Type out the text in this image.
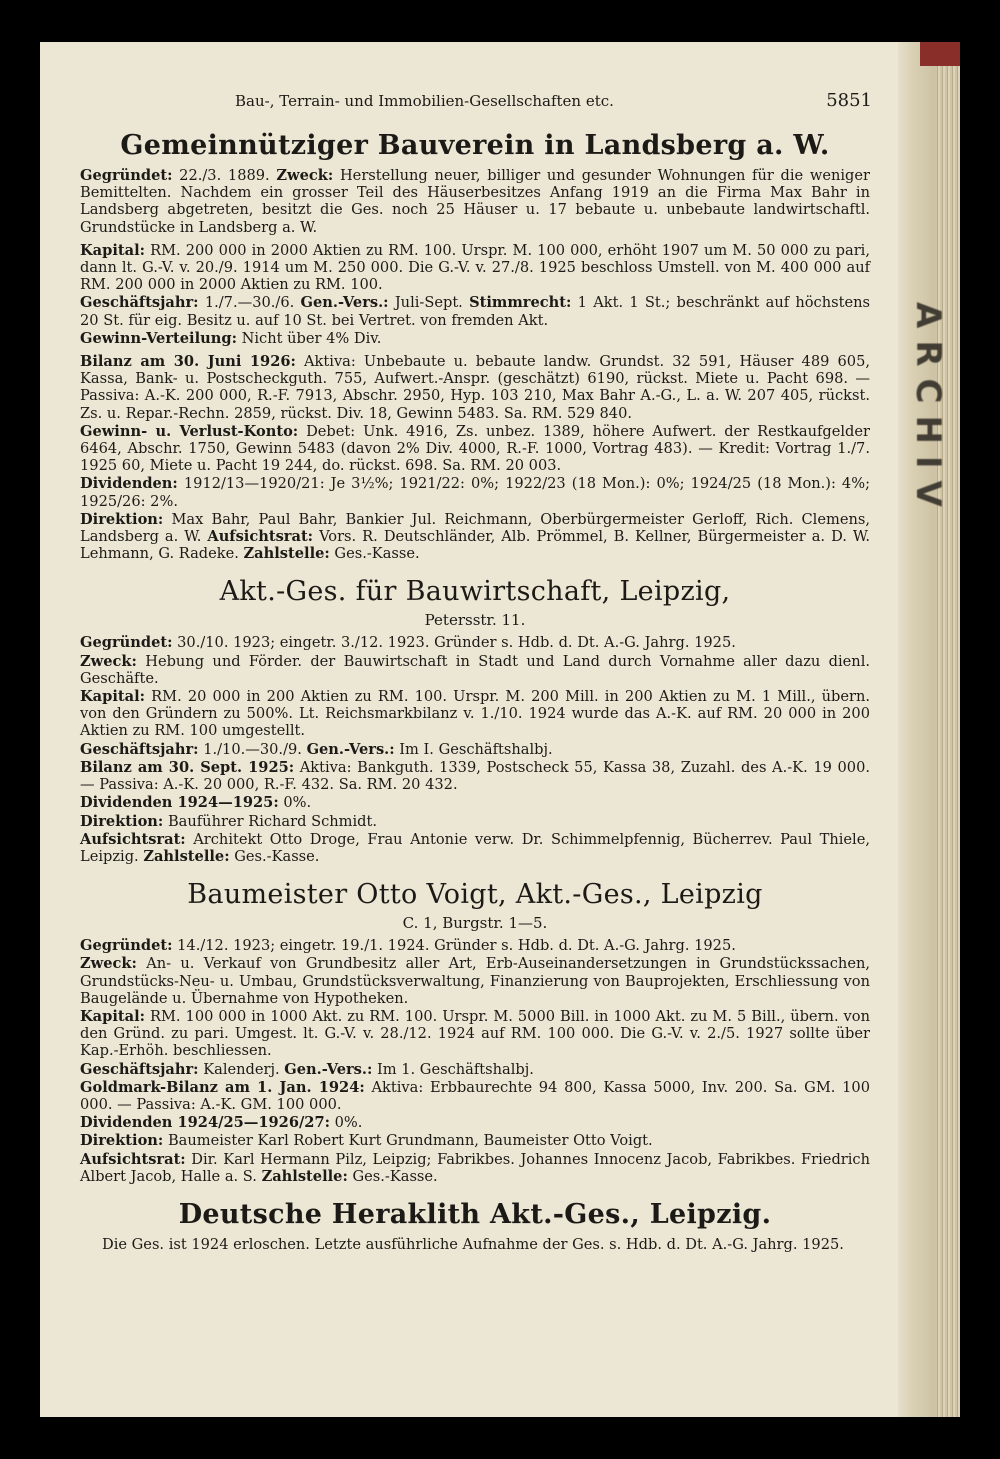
ARCHIV
Bau-, Terrain- und Immobilien-Gesellschaften etc.	5851
Gemeinnütziger Bauverein in Landsberg a. W.

Gegründet: 22./3. 1889. Zweck: Herstellung neuer, billiger und gesunder Wohnungen für die weniger Bemittelten. Nachdem ein grosser Teil des Häuserbesitzes Anfang 1919 an die Firma Max Bahr in Landsberg abgetreten, besitzt die Ges. noch 25 Häuser u. 17 bebaute u. unbebaute landwirtschaftl. Grundstücke in Landsberg a. W.

Kapital: RM. 200 000 in 2000 Aktien zu RM. 100. Urspr. M. 100 000, erhöht 1907 um M. 50 000 zu pari, dann lt. G.-V. v. 20./9. 1914 um M. 250 000. Die G.-V. v. 27./8. 1925 beschloss Umstell. von M. 400 000 auf RM. 200 000 in 2000 Aktien zu RM. 100.

Geschäftsjahr: 1./7.—30./6. Gen.-Vers.: Juli-Sept. Stimmrecht: 1 Akt. 1 St.; beschränkt auf höchstens 20 St. für eig. Besitz u. auf 10 St. bei Vertret. von fremden Akt.

Gewinn-Verteilung: Nicht über 4% Div.

Bilanz am 30. Juni 1926: Aktiva: Unbebaute u. bebaute landw. Grundst. 32 591, Häuser 489 605, Kassa, Bank- u. Postscheckguth. 755, Aufwert.-Anspr. (geschätzt) 6190, rückst. Miete u. Pacht 698. — Passiva: A.-K. 200 000, R.-F. 7913, Abschr. 2950, Hyp. 103 210, Max Bahr A.-G., L. a. W. 207 405, rückst. Zs. u. Repar.-Rechn. 2859, rückst. Div. 18, Gewinn 5483. Sa. RM. 529 840.

Gewinn- u. Verlust-Konto: Debet: Unk. 4916, Zs. unbez. 1389, höhere Aufwert. der Restkaufgelder 6464, Abschr. 1750, Gewinn 5483 (davon 2% Div. 4000, R.-F. 1000, Vortrag 483). — Kredit: Vortrag 1./7. 1925 60, Miete u. Pacht 19 244, do. rückst. 698. Sa. RM. 20 003.

Dividenden: 1912/13—1920/21: Je 3½%; 1921/22: 0%; 1922/23 (18 Mon.): 0%; 1924/25 (18 Mon.): 4%; 1925/26: 2%.

Direktion: Max Bahr, Paul Bahr, Bankier Jul. Reichmann, Oberbürgermeister Gerloff, Rich. Clemens, Landsberg a. W. Aufsichtsrat: Vors. R. Deutschländer, Alb. Prömmel, B. Kellner, Bürgermeister a. D. W. Lehmann, G. Radeke. Zahlstelle: Ges.-Kasse.

Akt.-Ges. für Bauwirtschaft, Leipzig,
Petersstr. 11.

Gegründet: 30./10. 1923; eingetr. 3./12. 1923. Gründer s. Hdb. d. Dt. A.-G. Jahrg. 1925.

Zweck: Hebung und Förder. der Bauwirtschaft in Stadt und Land durch Vornahme aller dazu dienl. Geschäfte.

Kapital: RM. 20 000 in 200 Aktien zu RM. 100. Urspr. M. 200 Mill. in 200 Aktien zu M. 1 Mill., übern. von den Gründern zu 500%. Lt. Reichsmarkbilanz v. 1./10. 1924 wurde das A.-K. auf RM. 20 000 in 200 Aktien zu RM. 100 umgestellt.

Geschäftsjahr: 1./10.—30./9. Gen.-Vers.: Im I. Geschäftshalbj.

Bilanz am 30. Sept. 1925: Aktiva: Bankguth. 1339, Postscheck 55, Kassa 38, Zuzahl. des A.-K. 19 000. — Passiva: A.-K. 20 000, R.-F. 432. Sa. RM. 20 432.

Dividenden 1924—1925: 0%.

Direktion: Bauführer Richard Schmidt.

Aufsichtsrat: Architekt Otto Droge, Frau Antonie verw. Dr. Schimmelpfennig, Bücherrev. Paul Thiele, Leipzig. Zahlstelle: Ges.-Kasse.

Baumeister Otto Voigt, Akt.-Ges., Leipzig
C. 1, Burgstr. 1—5.

Gegründet: 14./12. 1923; eingetr. 19./1. 1924. Gründer s. Hdb. d. Dt. A.-G. Jahrg. 1925.

Zweck: An- u. Verkauf von Grundbesitz aller Art, Erb-Auseinandersetzungen in Grundstückssachen, Grundstücks-Neu- u. Umbau, Grundstücksverwaltung, Finanzierung von Bauprojekten, Erschliessung von Baugelände u. Übernahme von Hypotheken.

Kapital: RM. 100 000 in 1000 Akt. zu RM. 100. Urspr. M. 5000 Bill. in 1000 Akt. zu M. 5 Bill., übern. von den Gründ. zu pari. Umgest. lt. G.-V. v. 28./12. 1924 auf RM. 100 000. Die G.-V. v. 2./5. 1927 sollte über Kap.-Erhöh. beschliessen.

Geschäftsjahr: Kalenderj. Gen.-Vers.: Im 1. Geschäftshalbj.

Goldmark-Bilanz am 1. Jan. 1924: Aktiva: Erbbaurechte 94 800, Kassa 5000, Inv. 200. Sa. GM. 100 000. — Passiva: A.-K. GM. 100 000.

Dividenden 1924/25—1926/27: 0%.

Direktion: Baumeister Karl Robert Kurt Grundmann, Baumeister Otto Voigt.

Aufsichtsrat: Dir. Karl Hermann Pilz, Leipzig; Fabrikbes. Johannes Innocenz Jacob, Fabrikbes. Friedrich Albert Jacob, Halle a. S. Zahlstelle: Ges.-Kasse.

Deutsche Heraklith Akt.-Ges., Leipzig.

Die Ges. ist 1924 erloschen. Letzte ausführliche Aufnahme der Ges. s. Hdb. d. Dt. A.-G. Jahrg. 1925.
